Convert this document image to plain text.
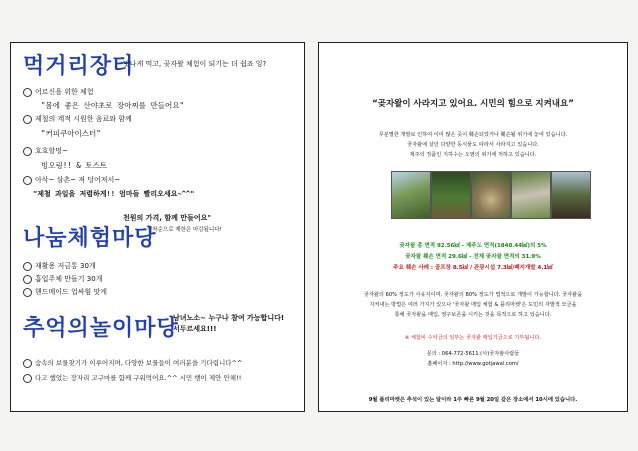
먹거리장터
맛나게 먹고, 곶자왈 체험이 되기는 더 쉽죠 잉?
어르신을 위한 체험
"몸에 좋은 산야초로 장아찌를 만들어요"
제철의 계적 시원한 음료와 함께
"커피쿠아이스터"
호호할멍~
빙오링!! & 토스트
아삭~ 삼촌~ 져 덩어져서~
"제철 과일을 저렴하게!! 엄마들 빨리오세요~^^"
천원의 가격, 함께 만들어요"
-선착순으로 제한은 마감됩니다!
나눔체험마당
재활용 저금통 30개
흡입주체 만들기 30개
핸드메이드 업싸힘 맛게
추억의놀이마당
남녀노소~ 누구나 참여 가능합니다!
서두르세요!!!
숨속의 보물찾기가 이루어지며, 다양한 보물들이 여러분을 기다립니다^^
다고 했었는 장자리 고구마를 함께 구워먹어요.^^ 시민 행이 제안 안채!!
“곶자왈이 사라지고 있어요. 시민의 힘으로 지켜내요”
무분별한 개발로 인하여 이미 많은 곳이 훼손되었거나 훼손될 위기에 놓여 있습니다.
곶자왈에 살던 다양한 동식물도 따라서 사라지고 있습니다.
제주의 정품인 지하수는 오염의 위기에 처하고 있습니다.
곶자왈 총 면적 92.56㎢ - 제주도 면적(1848.44㎢)의 5%
곶자왈 훼손 면적 29.6㎢ - 전체 곶자왈 면적의 31.9%
주요 훼손 사례 : 골프장 8.5㎢ / 관광시설 7.3㎢/폐지개발 4.1㎢
곶자왈의 60% 정도가 사유지이며, 곶자왈의 80% 정도가 법적으로 개발이 가능합니다. 곶자왈을
지켜내는 방법은 여러 가지가 있으나 '곶자왈 매입 체험 & 플리마켓'은 도민의 자발적 모금을
통해 곶자왈을 매입, 영구보존을 시키는 것을 목적으로 하고 있습니다.
※ 체험비 수익금의 일부는 곶자왈 매입기금으로 기부됩니다.
문의 : 064-772-5611 (사)곶자왈사람들
홈페이지 : http://www.gotjawal.com/
9월 플리마켓은 추석이 있는 달이라 1주 빠른 9월 20일 같은 장소에서 10시에 있습니다.
